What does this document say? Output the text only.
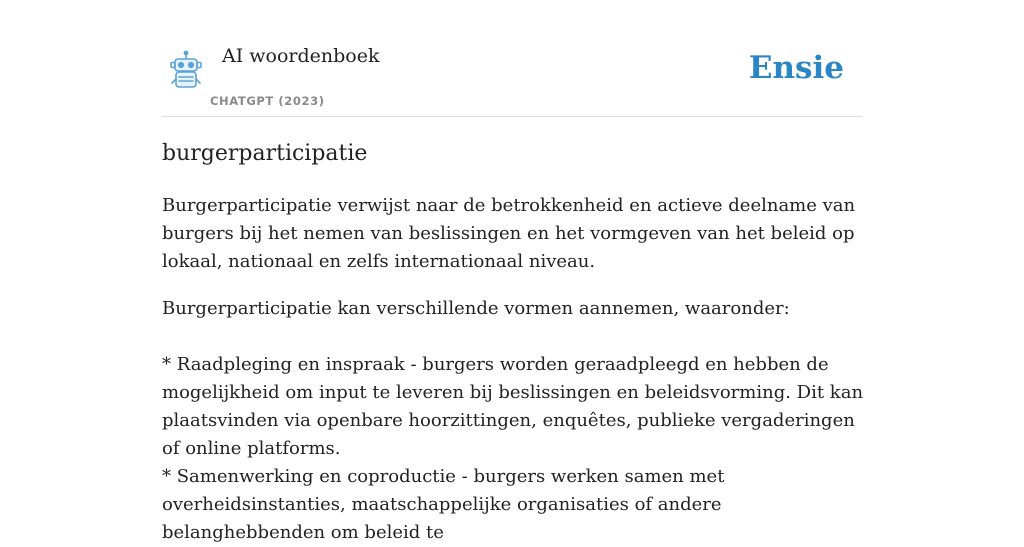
AI woordenboek
CHATGPT (2023)
Ensie
burgerparticipatie

Burgerparticipatie verwijst naar de betrokkenheid en actieve deelname van burgers bij het nemen van beslissingen en het vormgeven van het beleid op lokaal, nationaal en zelfs internationaal niveau.

Burgerparticipatie kan verschillende vormen aannemen, waaronder:

* Raadpleging en inspraak - burgers worden geraadpleegd en hebben de mogelijkheid om input te leveren bij beslissingen en beleidsvorming. Dit kan plaatsvinden via openbare hoorzittingen, enquêtes, publieke vergaderingen of online platforms.

* Samenwerking en coproductie - burgers werken samen met overheidsinstanties, maatschappelijke organisaties of andere belanghebbenden om beleid te
